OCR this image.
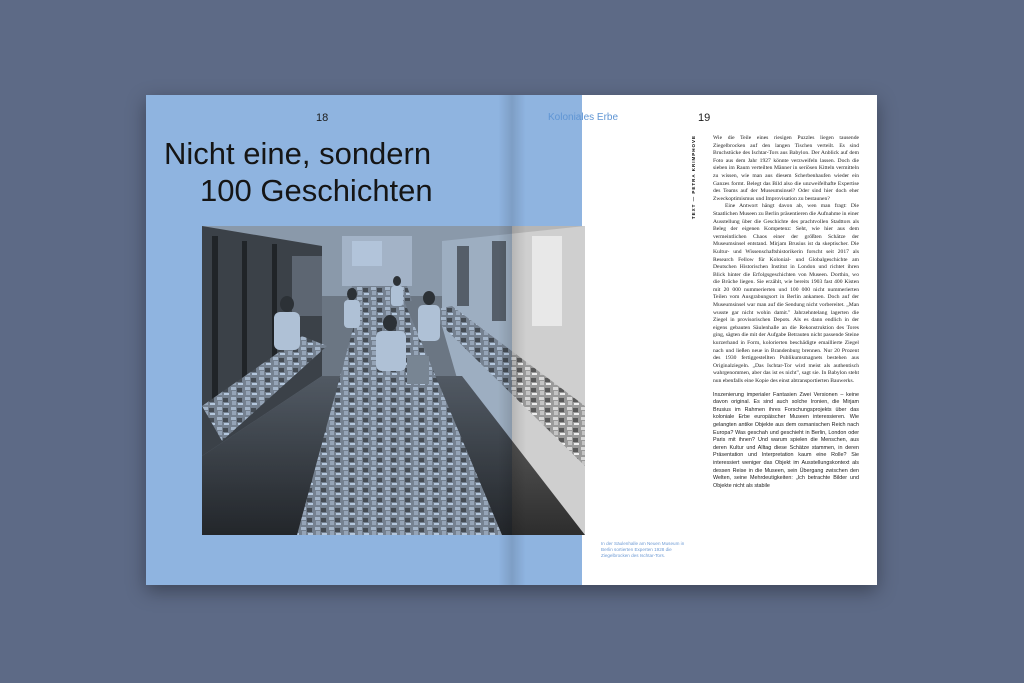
18
Nicht eine, sondern
100 Geschichten
19
Koloniales Erbe
In der Säulenhalle am Neuen Museum in Berlin sortierten Experten 1928 die Ziegelbrocken des Ischtar-Tors.
TEXT — PETRA KRIMPHOVE	Wie die Teile eines riesigen Puzzles liegen tausende Ziegelbrocken auf den langen Tischen verteilt. Es sind Bruchstücke des Ischtar-Tors aus Babylon. Der Anblick auf dem Foto aus dem Jahr 1927 könnte verzweifeln lassen. Doch die sieben im Raum verteilten Männer in seriösen Kitteln vermitteln zu wissen, wie man aus diesem Scherbenhaufen wieder ein Ganzes formt. Belegt das Bild also die unzweifelhafte Expertise des Teams auf der Museumsinsel? Oder sind hier doch eher Zweckoptimismus und Improvisation zu bestaunen?

Eine Antwort hängt davon ab, wen man fragt: Die Staatlichen Museen zu Berlin präsentieren die Aufnahme in einer Ausstellung über die Geschichte des prachtvollen Stadttors als Beleg der eigenen Kompetenz: Seht, wie hier aus dem vermeintlichen Chaos einer der größten Schätze der Museumsinsel entstand. Mirjam Brusius ist da skeptischer. Die Kultur- und Wissenschaftshistorikerin forscht seit 2017 als Research Fellow für Kolonial- und Globalgeschichte am Deutschen Historischen Institut in London und richtet ihren Blick hinter die Erfolgsgeschichten von Museen. Dorthin, wo die Brüche liegen. Sie erzählt, wie bereits 1903 fast 400 Kisten mit 20 000 nummerierten und 100 000 nicht nummerierten Teilen vom Ausgrabungsort in Berlin ankamen. Doch auf der Museumsinsel war man auf die Sendung nicht vorbereitet. „Man wusste gar nicht wohin damit." Jahrzehntelang lagerten die Ziegel in provisorischen Depots. Als es dann endlich in der eigens gebauten Säulenhalle an die Rekonstruktion des Tores ging, sägten die mit der Aufgabe Betrauten nicht passende Steine kurzerhand in Form, kolorierten beschädigte emaillierte Ziegel nach und ließen neue in Brandenburg brennen. Nur 20 Prozent des 1930 fertiggestellten Publikumsmagnets bestehen aus Originalziegeln. „Das Ischtar-Tor wird meist als authentisch wahrgenommen, aber das ist es nicht", sagt sie. In Babylon steht nun ebenfalls eine Kopie des einst abtransportierten Bauwerks.

Inszenierung imperialer Fantasien Zwei Versionen – keine davon original. Es sind auch solche Ironien, die Mirjam Brusius im Rahmen ihres Forschungsprojekts über das koloniale Erbe europäischer Museen interessieren. Wie gelangten antike Objekte aus dem osmanischen Reich nach Europa? Was geschah und geschieht in Berlin, London oder Paris mit ihnen? Und warum spielen die Menschen, aus deren Kultur und Alltag diese Schätze stammen, in deren Präsentation und Interpretation kaum eine Rolle? Sie interessiert weniger das Objekt im Ausstellungskontext als dessen Reise in die Museen, sein Übergang zwischen den Welten, seine Mehrdeutigkeiten: „Ich betrachte Bilder und Objekte nicht als stabile
